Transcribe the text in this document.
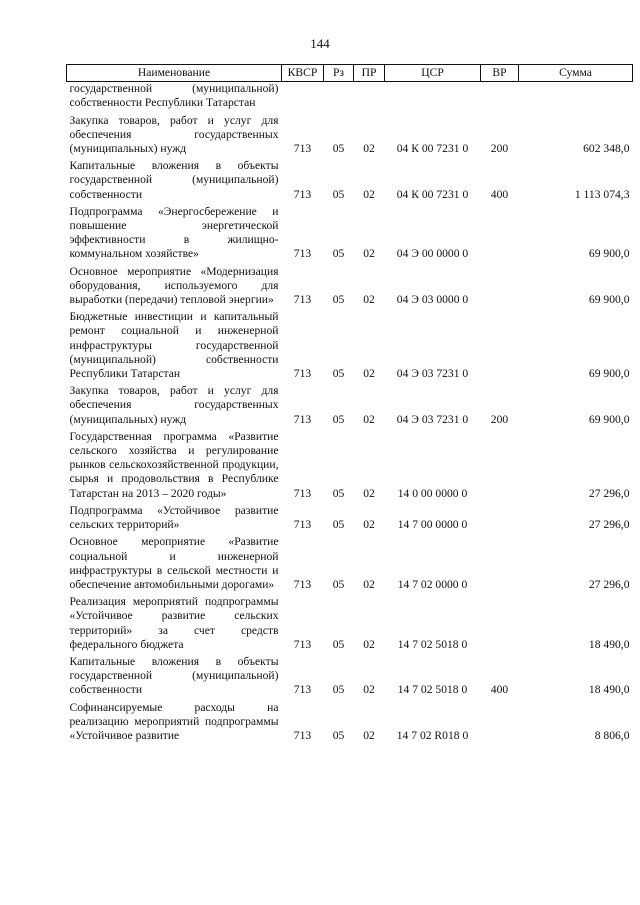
144
Наименование	КВСР	Рз	ПР	ЦСР	ВР	Сумма
государственной (муниципальной) собственности Республики Татарстан						
Закупка товаров, работ и услуг для обеспечения государственных (муниципальных) нужд	713	05	02	04 К 00 7231 0	200	602 348,0
Капитальные вложения в объекты государственной (муниципальной) собственности	713	05	02	04 К 00 7231 0	400	1 113 074,3
Подпрограмма «Энергосбережение и повышение энергетической эффективности в жилищно-коммунальном хозяйстве»	713	05	02	04 Э 00 0000 0		69 900,0
Основное мероприятие «Модернизация оборудования, используемого для выработки (передачи) тепловой энергии»	713	05	02	04 Э 03 0000 0		69 900,0
Бюджетные инвестиции и капитальный ремонт социальной и инженерной инфраструктуры государственной (муниципальной) собственности Республики Татарстан	713	05	02	04 Э 03 7231 0		69 900,0
Закупка товаров, работ и услуг для обеспечения государственных (муниципальных) нужд	713	05	02	04 Э 03 7231 0	200	69 900,0
Государственная программа «Развитие сельского хозяйства и регулирование рынков сельскохозяйственной продукции, сырья и продовольствия в Республике Татарстан на 2013 – 2020 годы»	713	05	02	14 0 00 0000 0		27 296,0
Подпрограмма «Устойчивое развитие сельских территорий»	713	05	02	14 7 00 0000 0		27 296,0
Основное мероприятие «Развитие социальной и инженерной инфраструктуры в сельской местности и обеспечение автомобильными дорогами»	713	05	02	14 7 02 0000 0		27 296,0
Реализация мероприятий подпрограммы «Устойчивое развитие сельских территорий» за счет средств федерального бюджета	713	05	02	14 7 02 5018 0		18 490,0
Капитальные вложения в объекты государственной (муниципальной) собственности	713	05	02	14 7 02 5018 0	400	18 490,0
Софинансируемые расходы на реализацию мероприятий подпрограммы «Устойчивое развитие	713	05	02	14 7 02 R018 0		8 806,0
